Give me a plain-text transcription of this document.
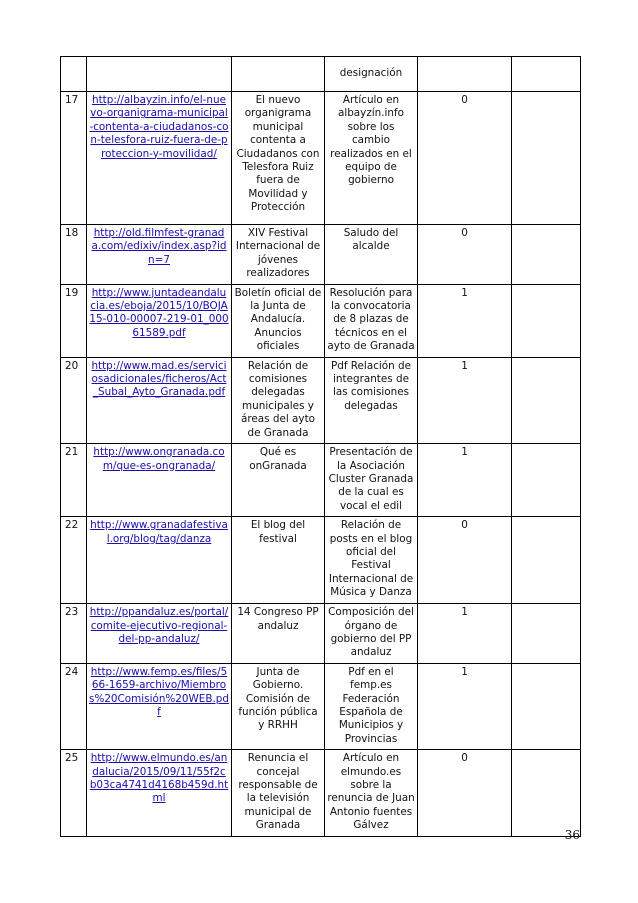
			designación		
17	http://albayzin.info/el-nuevo-organigrama-municipal-contenta-a-ciudadanos-con-telesfora-ruiz-fuera-de-proteccion-y-movilidad/	El nuevo organigrama municipal contenta a Ciudadanos con Telesfora Ruiz fuera de Movilidad y Protección	Artículo en albayzín.info sobre los cambio realizados en el equipo de gobierno	0	
18	http://old.filmfest-granada.com/edixiv/index.asp?idn=7	XIV Festival Internacional de jóvenes realizadores	Saludo del alcalde	0	
19	http://www.juntadeandalucia.es/eboja/2015/10/BOJA15-010-00007-219-01_00061589.pdf	Boletín oficial de la Junta de Andalucía. Anuncios oficiales	Resolución para la convocatoria de 8 plazas de técnicos en el ayto de Granada	1	
20	http://www.mad.es/serviciosadicionales/ficheros/Act_Subal_Ayto_Granada.pdf	Relación de comisiones delegadas municipales y áreas del ayto de Granada	Pdf Relación de integrantes de las comisiones delegadas	1	
21	http://www.ongranada.com/que-es-ongranada/	Qué es onGranada	Presentación de la Asociación Cluster Granada de la cual es vocal el edil	1	
22	http://www.granadafestival.org/blog/tag/danza	El blog del festival	Relación de posts en el blog oficial del Festival Internacional de Música y Danza	0	
23	http://ppandaluz.es/portal/comite-ejecutivo-regional-del-pp-andaluz/	14 Congreso PP andaluz	Composición del órgano de gobierno del PP andaluz	1	
24	http://www.femp.es/files/566-1659-archivo/Miembros%20Comisión%20WEB.pdf	Junta de Gobierno. Comisión de función pública y RRHH	Pdf en el femp.es Federación Española de Municipios y Provincias	1	
25	http://www.elmundo.es/andalucia/2015/09/11/55f2cb03ca4741d4168b459d.html	Renuncia el concejal responsable de la televisión municipal de Granada	Artículo en elmundo.es sobre la renuncia de Juan Antonio fuentes Gálvez	0	
36
